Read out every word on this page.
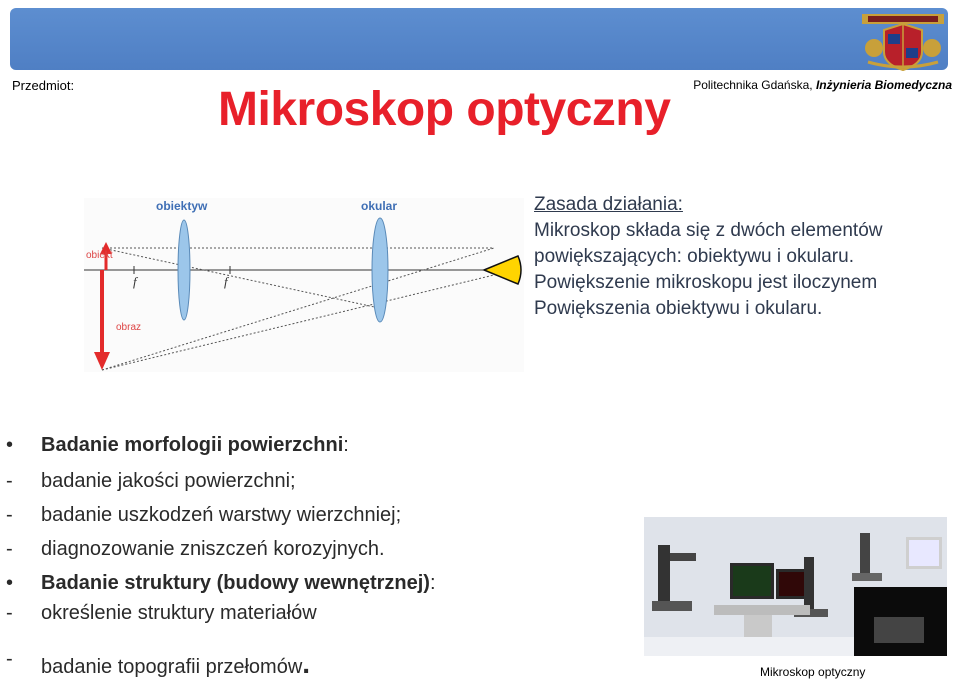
Przedmiot:	Politechnika Gdańska, Inżynieria Biomedyczna
Mikroskop optyczny
f	f
obiektyw	okular
obiekt
obraz
Zasada działania:
Mikroskop składa się z dwóch elementów
powiększających: obiektywu i okularu.
Powiększenie mikroskopu jest iloczynem
Powiększenia obiektywu i okularu.
•	Badanie morfologii powierzchni:
-	badanie jakości powierzchni;
-	badanie uszkodzeń warstwy wierzchniej;
-	diagnozowanie zniszczeń korozyjnych.
•	Badanie struktury (budowy wewnętrznej):
-	określenie struktury materiałów
-	badanie topografii przełomów.	Mikroskop optyczny
